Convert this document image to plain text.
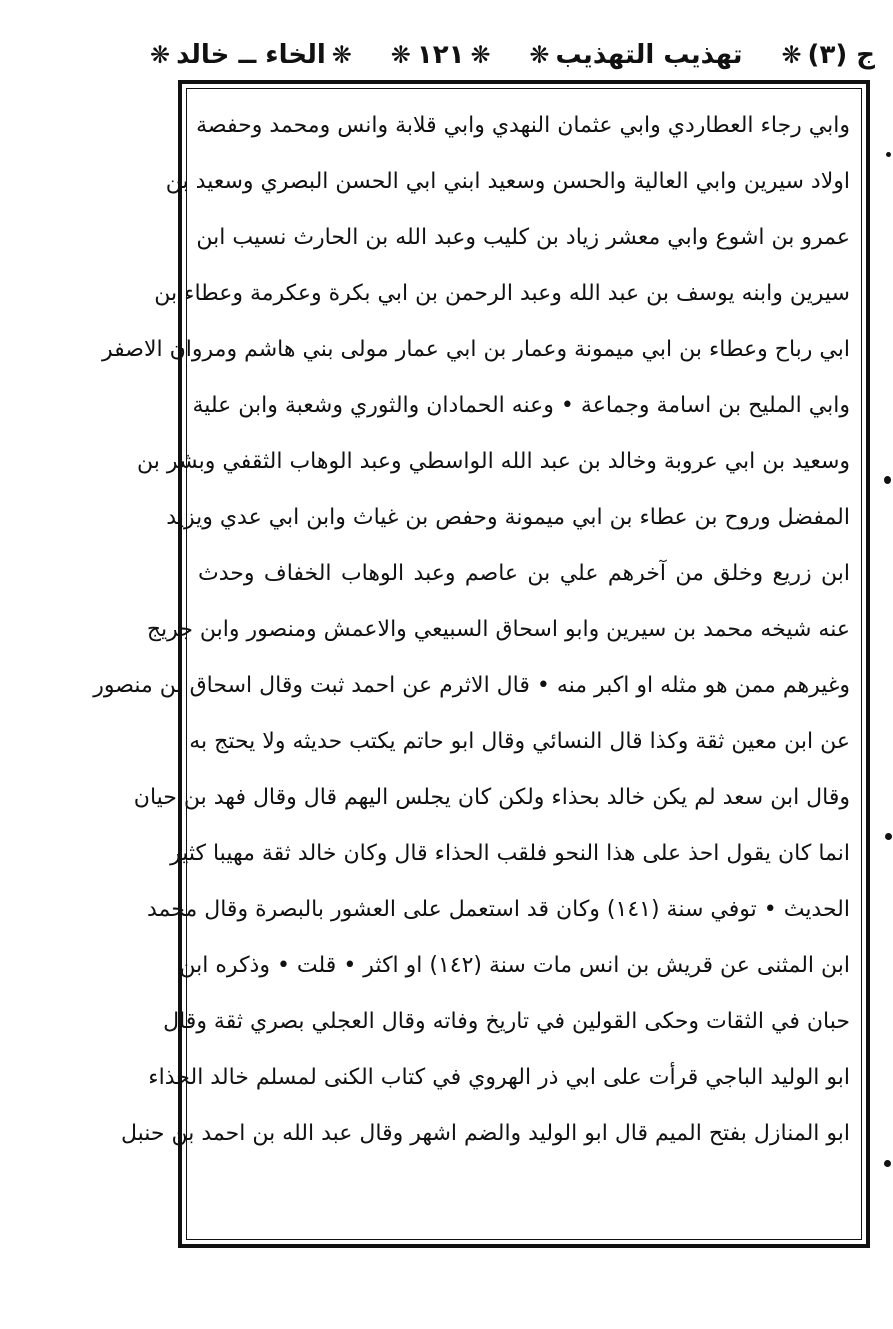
ج (٣)
❋
تهذيب التهذيب
❋
❋
١٢١
❋
❋
الخاء ــ خالد
❋
وابي رجاء العطاردي وابي عثمان النهدي وابي قلابة وانس ومحمد وحفصة
اولاد سيرين وابي العالية والحسن وسعيد ابني ابي الحسن البصري وسعيد بن
عمرو بن اشوع وابي معشر زياد بن كليب وعبد الله بن الحارث نسيب ابن
سيرين وابنه يوسف بن عبد الله وعبد الرحمن بن ابي بكرة وعكرمة وعطاء بن
ابي رباح وعطاء بن ابي ميمونة وعمار بن ابي عمار مولى بني هاشم ومروان الاصفر
وابي المليح بن اسامة وجماعة • وعنه الحمادان والثوري وشعبة وابن علية
وسعيد بن ابي عروبة وخالد بن عبد الله الواسطي وعبد الوهاب الثقفي وبشر بن
المفضل وروح بن عطاء بن ابي ميمونة وحفص بن غياث وابن ابي عدي ويزيد
ابن زريع وخلق من آخرهم علي بن عاصم وعبد الوهاب الخفاف وحدث
عنه شيخه محمد بن سيرين وابو اسحاق السبيعي والاعمش ومنصور وابن جريج
وغيرهم ممن هو مثله او اكبر منه • قال الاثرم عن احمد ثبت وقال اسحاق بن منصور
عن ابن معين ثقة وكذا قال النسائي وقال ابو حاتم يكتب حديثه ولا يحتج به
وقال ابن سعد لم يكن خالد بحذاء ولكن كان يجلس اليهم قال وقال فهد بن حيان
انما كان يقول احذ على هذا النحو فلقب الحذاء قال وكان خالد ثقة مهيبا كثير
الحديث • توفي سنة (١٤١) وكان قد استعمل على العشور بالبصرة وقال محمد
ابن المثنى عن قريش بن انس مات سنة (١٤٢) او اكثر • قلت • وذكره ابن
حبان في الثقات وحكى القولين في تاريخ وفاته وقال العجلي بصري ثقة وقال
ابو الوليد الباجي قرأت على ابي ذر الهروي في كتاب الكنى لمسلم خالد الحذاء
ابو المنازل بفتح الميم قال ابو الوليد والضم اشهر وقال عبد الله بن احمد بن حنبل
